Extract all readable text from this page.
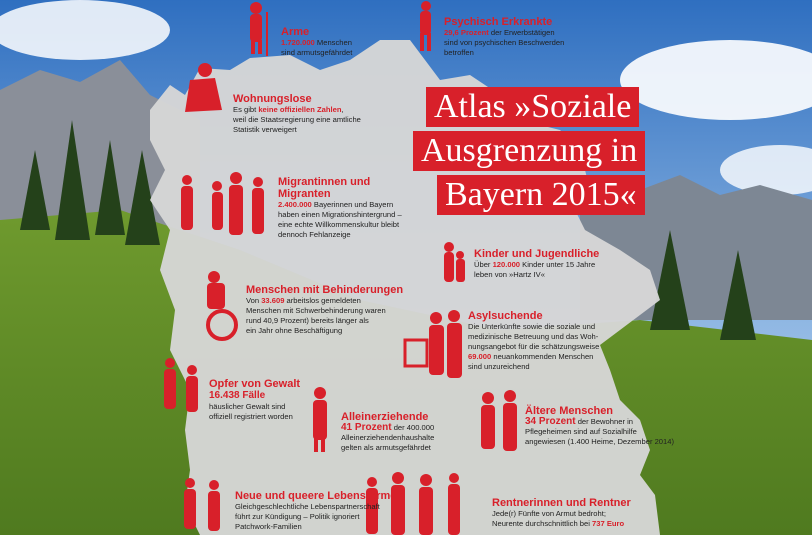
Atlas »Soziale
Ausgrenzung in
Bayern 2015«
Arme
1.720.000 Menschen
sind armutsgefährdet
Psychisch Erkrankte
29,6 Prozent der Erwerbstätigen
sind von psychischen Beschwerden
betroffen
Wohnungslose
Es gibt keine offiziellen Zahlen,
weil die Staatsregierung eine amtliche
Statistik verweigert
Migrantinnen und
Migranten
2.400.000 Bayerinnen und Bayern
haben einen Migrationshintergrund –
eine echte Willkommenskultur bleibt
dennoch Fehlanzeige
Kinder und Jugendliche
Über 120.000 Kinder unter 15 Jahre
leben von »Hartz IV«
Menschen mit Behinderungen
Von 33.609 arbeitslos gemeldeten
Menschen mit Schwerbehinderung waren
rund 40,9 Prozent) bereits länger als
ein Jahr ohne Beschäftigung
Asylsuchende
Die Unterkünfte sowie die soziale und
medizinische Betreuung und das Woh-
nungsangebot für die schätzungsweise
69.000 neuankommenden Menschen
sind unzureichend
Opfer von Gewalt
16.438 Fälle
häuslicher Gewalt sind
offiziell registriert worden	Alleinerziehende
41 Prozent der 400.000
Alleinerziehendenhaushalte
gelten als armutsgefährdet
Ältere Menschen
34 Prozent der Bewohner in
Pflegeheimen sind auf Sozialhilfe
angewiesen (1.400 Heime, Dezember 2014)
Neue und queere Lebensformen
Gleichgeschlechtliche Lebenspartnerschaft
führt zur Kündigung – Politik ignoriert
Patchwork-Familien
Rentnerinnen und Rentner
Jede(r) Fünfte von Armut bedroht;
Neurente durchschnittlich bei 737 Euro
